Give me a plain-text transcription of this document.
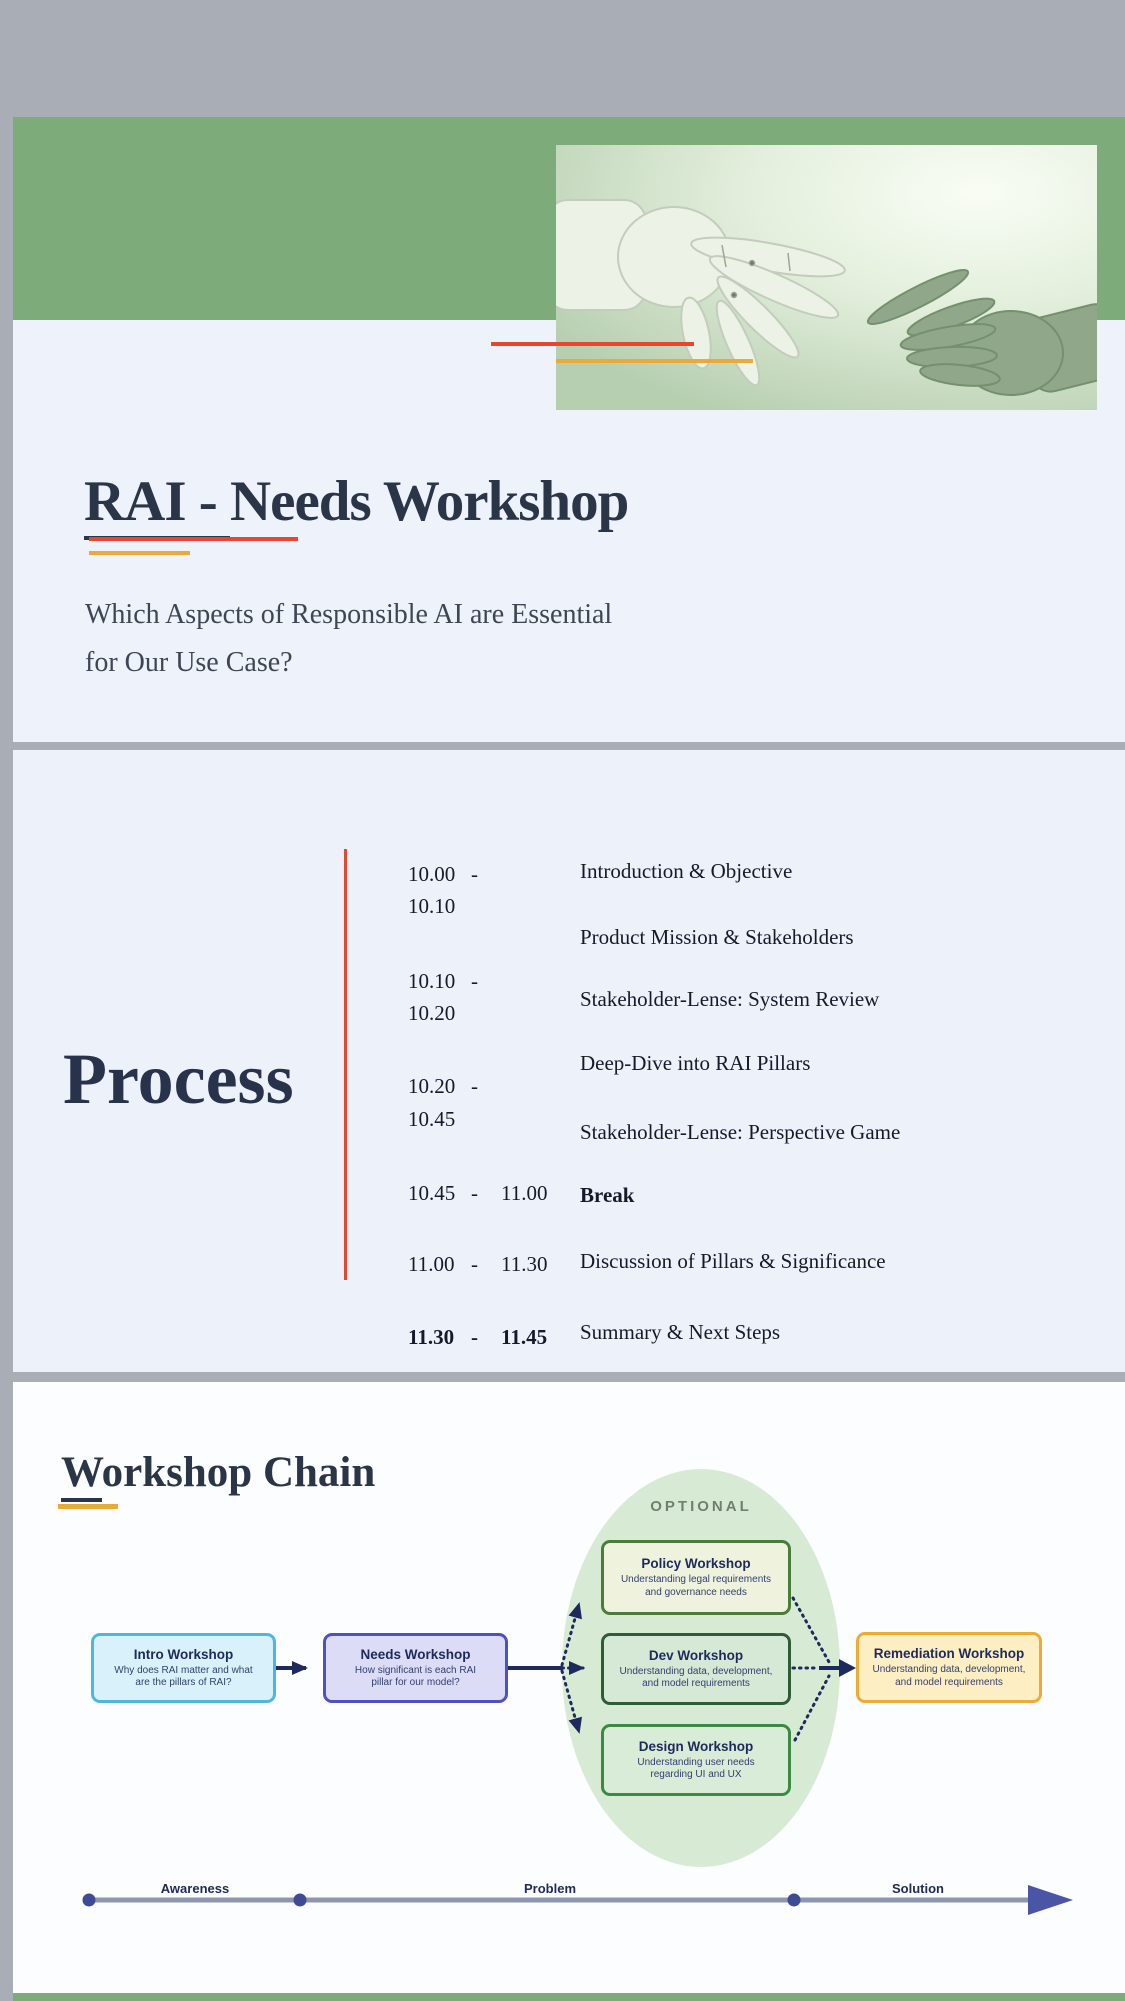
RAI - Needs Workshop
Which Aspects of Responsible AI are Essential
for Our Use Case?
Process
10.00 -
10.10
Introduction & Objective
Product Mission & Stakeholders
10.10 -
10.20
Stakeholder-Lense: System Review
Deep-Dive into RAI Pillars
10.20 -
10.45
Stakeholder-Lense: Perspective Game
10.45 - 11.00 Break
11.00 - 11.30 Discussion of Pillars & Significance
11.30 - 11.45 Summary & Next Steps
Workshop Chain
OPTIONAL
Intro Workshop
Why does RAI matter and what
are the pillars of RAI?
Needs Workshop
How significant is each RAI
pillar for our model?
Policy Workshop
Understanding legal requirements
and governance needs
Dev Workshop
Understanding data, development,
and model requirements
Design Workshop
Understanding user needs
regarding UI and UX
Remediation Workshop
Understanding data, development,
and model requirements
Awareness	Problem	Solution
